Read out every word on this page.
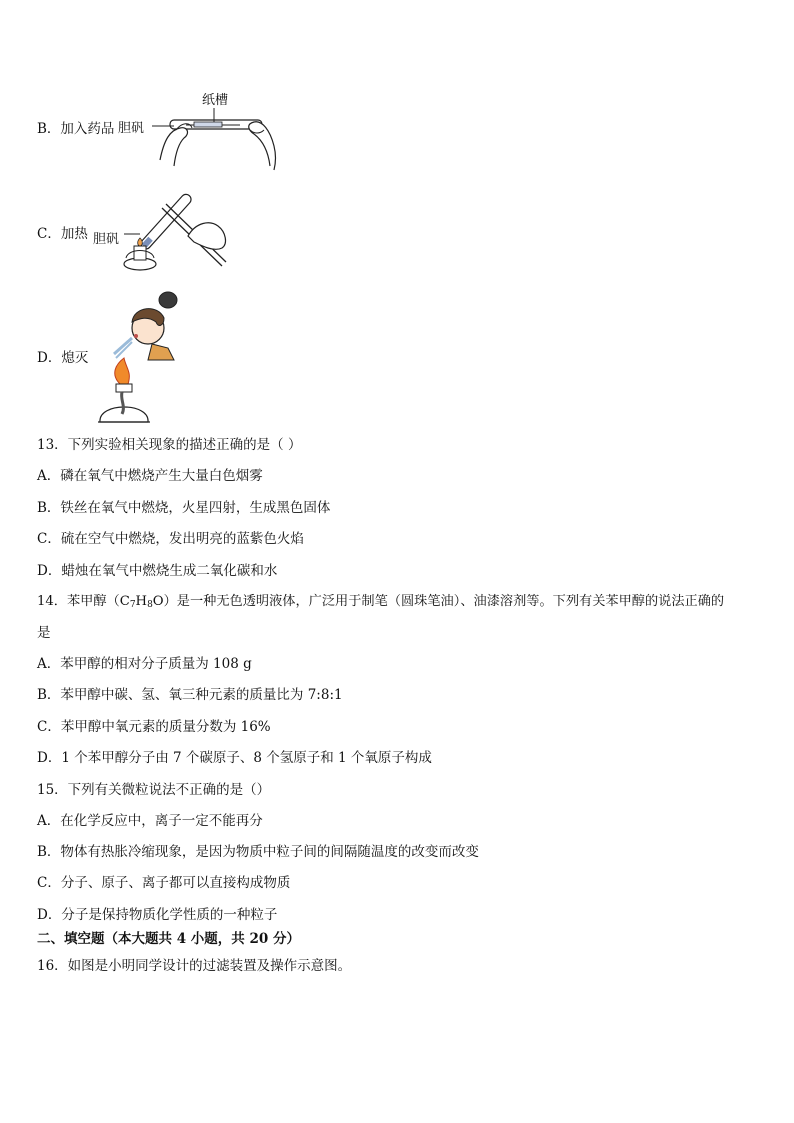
B．加入药品 胆矾
纸槽
C．加热 胆矾
D．熄灭
13．下列实验相关现象的描述正确的是（ ）
A．磷在氧气中燃烧产生大量白色烟雾
B．铁丝在氧气中燃烧，火星四射，生成黑色固体
C．硫在空气中燃烧，发出明亮的蓝紫色火焰
D．蜡烛在氧气中燃烧生成二氧化碳和水
14．苯甲醇$(C_7H_8O)$是一种无色透明液体，广泛用于制笔（圆珠笔油）、油漆溶剂等。下列有关苯甲醇的说法正确的
是
A．苯甲醇的相对分子质量为 108 g
B．苯甲醇中碳、氢、氧三种元素的质量比为 7:8:1
C．苯甲醇中氧元素的质量分数为 16%
D．1 个苯甲醇分子由 7 个碳原子、8 个氢原子和 1 个氧原子构成
15．下列有关微粒说法不正确的是（）
A．在化学反应中，离子一定不能再分
B．物体有热胀冷缩现象，是因为物质中粒子间的间隔随温度的改变而改变
C．分子、原子、离子都可以直接构成物质
D．分子是保持物质化学性质的一种粒子
二、填空题（本大题共 4 小题，共 20 分）
16．如图是小明同学设计的过滤装置及操作示意图。
